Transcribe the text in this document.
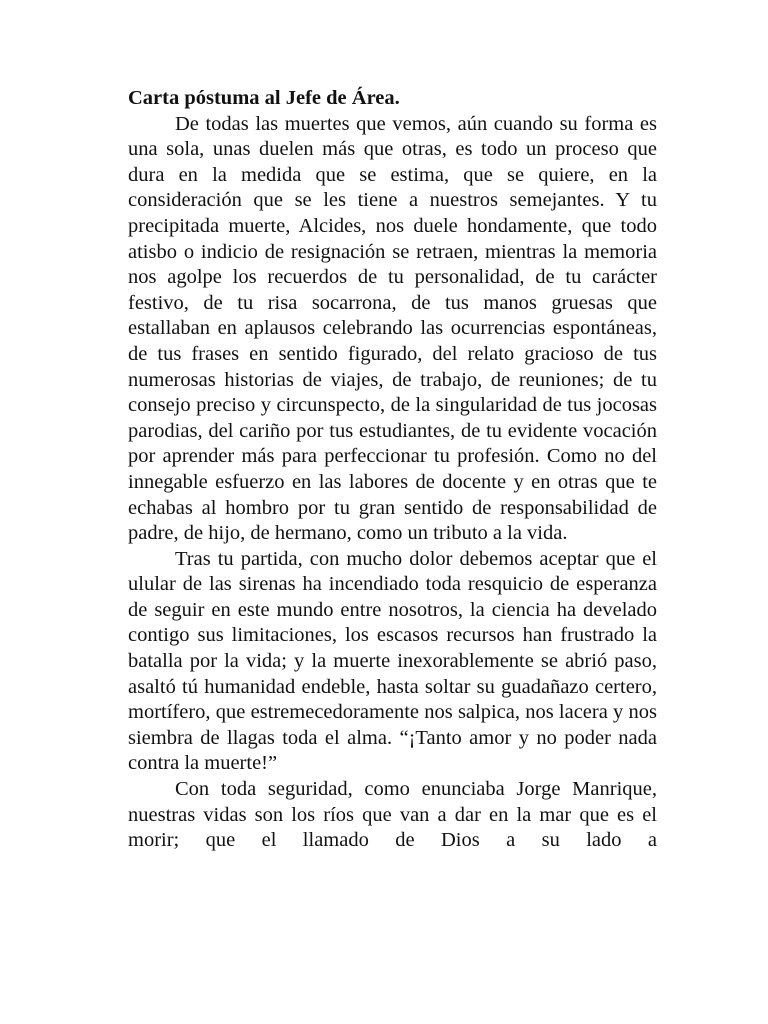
Carta póstuma al Jefe de Área.

De todas las muertes que vemos, aún cuando su forma es una sola, unas duelen más que otras, es todo un proceso que dura en la medida que se estima, que se quiere, en la consideración que se les tiene a nuestros semejantes. Y tu precipitada muerte, Alcides, nos duele hondamente, que todo atisbo o indicio de resignación se retraen, mientras la memoria nos agolpe los recuerdos de tu personalidad, de tu carácter festivo, de tu risa socarrona, de tus manos gruesas que estallaban en aplausos celebrando las ocurrencias espontáneas, de tus frases en sentido figurado, del relato gracioso de tus numerosas historias de viajes, de trabajo, de reuniones; de tu consejo preciso y circunspecto, de la singularidad de tus jocosas parodias, del cariño por tus estudiantes, de tu evidente vocación por aprender más para perfeccionar tu profesión. Como no del innegable esfuerzo en las labores de docente y en otras que te echabas al hombro por tu gran sentido de responsabilidad de padre, de hijo, de hermano, como un tributo a la vida.

Tras tu partida, con mucho dolor debemos aceptar que el ulular de las sirenas ha incendiado toda resquicio de esperanza de seguir en este mundo entre nosotros, la ciencia ha develado contigo sus limitaciones, los escasos recursos han frustrado la batalla por la vida; y la muerte inexorablemente se abrió paso, asaltó tú humanidad endeble, hasta soltar su guadañazo certero, mortífero, que estremecedoramente nos salpica, nos lacera y nos siembra de llagas toda el alma. “¡Tanto amor y no poder nada contra la muerte!”

Con toda seguridad, como enunciaba Jorge Manrique, nuestras vidas son los ríos que van a dar en la mar que es el morir; que el llamado de Dios a su lado a
